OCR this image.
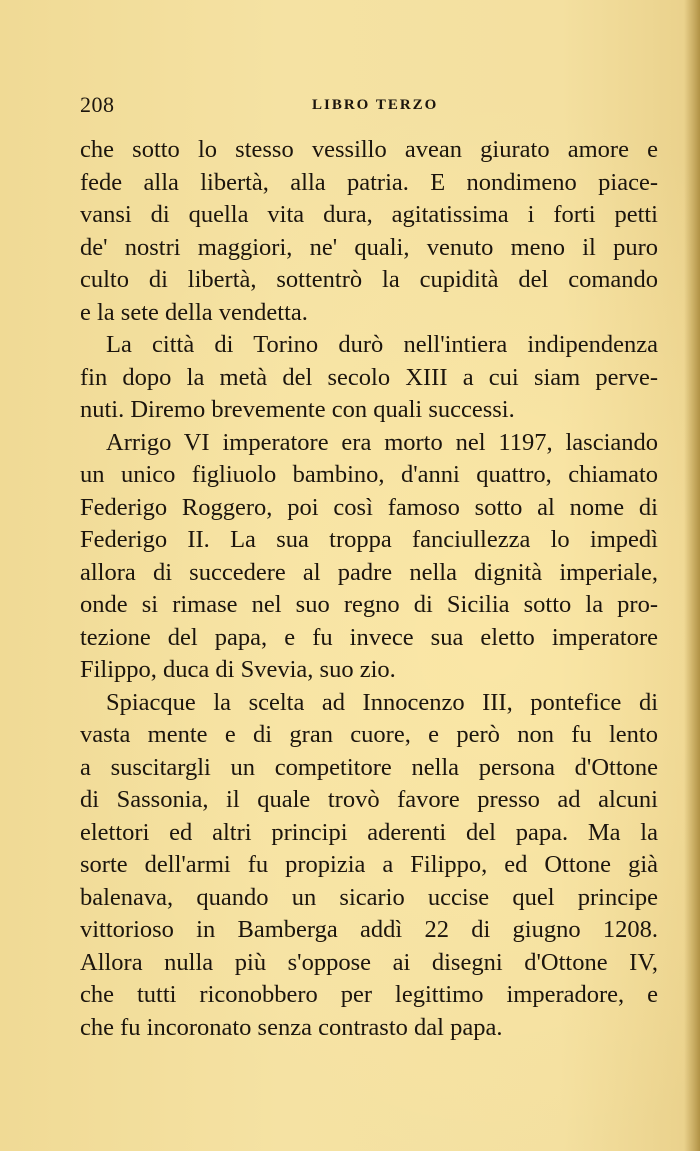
208	LIBRO TERZO
che sotto lo stesso vessillo avean giurato amore e
fede alla libertà, alla patria. E nondimeno piace-
vansi di quella vita dura, agitatissima i forti petti
de' nostri maggiori, ne' quali, venuto meno il puro
culto di libertà, sottentrò la cupidità del comando
e la sete della vendetta.
La città di Torino durò nell'intiera indipendenza
fin dopo la metà del secolo XIII a cui siam perve-
nuti. Diremo brevemente con quali successi.
Arrigo VI imperatore era morto nel 1197, lasciando
un unico figliuolo bambino, d'anni quattro, chiamato
Federigo Roggero, poi così famoso sotto al nome di
Federigo II. La sua troppa fanciullezza lo impedì
allora di succedere al padre nella dignità imperiale,
onde si rimase nel suo regno di Sicilia sotto la pro-
tezione del papa, e fu invece sua eletto imperatore
Filippo, duca di Svevia, suo zio.
Spiacque la scelta ad Innocenzo III, pontefice di
vasta mente e di gran cuore, e però non fu lento
a suscitargli un competitore nella persona d'Ottone
di Sassonia, il quale trovò favore presso ad alcuni
elettori ed altri principi aderenti del papa. Ma la
sorte dell'armi fu propizia a Filippo, ed Ottone già
balenava, quando un sicario uccise quel principe
vittorioso in Bamberga addì 22 di giugno 1208.
Allora nulla più s'oppose ai disegni d'Ottone IV,
che tutti riconobbero per legittimo imperadore, e
che fu incoronato senza contrasto dal papa.
